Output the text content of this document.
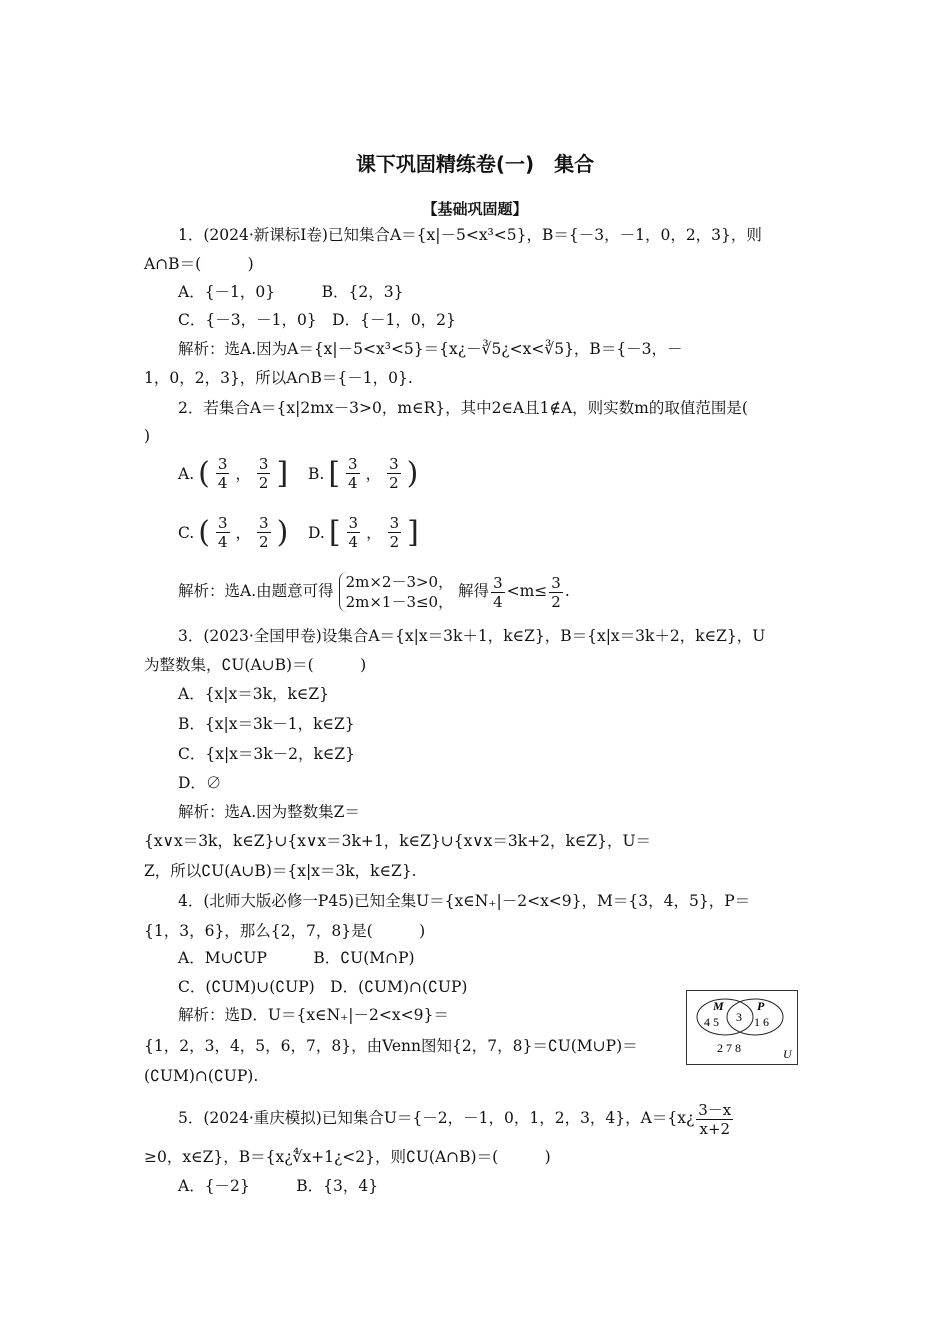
课下巩固精练卷(一)　集合
【基础巩固题】
1．(2024·新课标Ⅰ卷)已知集合A＝{x|－5<x³<5}，B＝{－3，－1，0，2，3}，则
A∩B＝(　　　)
A．{－1，0}　　　B．{2，3}
C．{－3，－1，0}　D．{－1，0，2}
解析：选A.因为A＝{x|－5<x³<5}＝{x¿－∛5¿<x<∛5}，B＝{－3，－
1，0，2，3}，所以A∩B＝{－1，0}.
2．若集合A＝{x|2mx－3>0，m∈R}，其中2∈A且1∉A，则实数m的取值范围是(
)
A. ( $\frac{3}{4}$ ， $\frac{3}{2}$ ] B. [ $\frac{3}{4}$ ， $\frac{3}{2}$ )
C. ( $\frac{3}{4}$ ， $\frac{3}{2}$ ) D. [ $\frac{3}{4}$ ， $\frac{3}{2}$ ]
解析：选A.由题意可得 2m×2－3>0，
2m×1－3≤0，
解得 $\frac{3}{4} <m\le \frac{3}{2}$ .
3．(2023·全国甲卷)设集合A＝{x|x＝3k＋1，k∈Z}，B＝{x|x＝3k＋2，k∈Z}，U
为整数集，∁U(A∪B)＝(　　　)
A．{x|x＝3k，k∈Z}
B．{x|x＝3k－1，k∈Z}
C．{x|x＝3k－2，k∈Z}
D．∅
解析：选A.因为整数集Z＝
{x∨x＝3k，k∈Z}∪{x∨x＝3k+1，k∈Z}∪{x∨x＝3k+2，k∈Z}，U＝
Z，所以∁U(A∪B)＝{x|x＝3k，k∈Z}.
4．(北师大版必修一P45)已知全集U＝{x∈N₊|－2<x<9}，M＝{3，4，5}，P＝
{1，3，6}，那么{2，7，8}是(　　　)
A．M∪∁UP　　　B．∁U(M∩P)
C．(∁UM)∪(∁UP)　D．(∁UM)∩(∁UP)
解析：选D．U＝{x∈N₊|－2<x<9}＝
{1，2，3，4，5，6，7，8}，由Venn图知{2，7，8}＝∁U(M∪P)＝
(∁UM)∩(∁UP).
M	P
4 5 3 1 6
2 7 8	U
5．(2024·重庆模拟)已知集合U＝{－2，－1，0，1，2，3，4}，A＝{x¿ $\frac{3-x}{x+2}$
≥0，x∈Z}，B＝{x¿∜x+1¿<2}，则∁U(A∩B)＝(　　　)
A．{－2}　　　B．{3，4}
